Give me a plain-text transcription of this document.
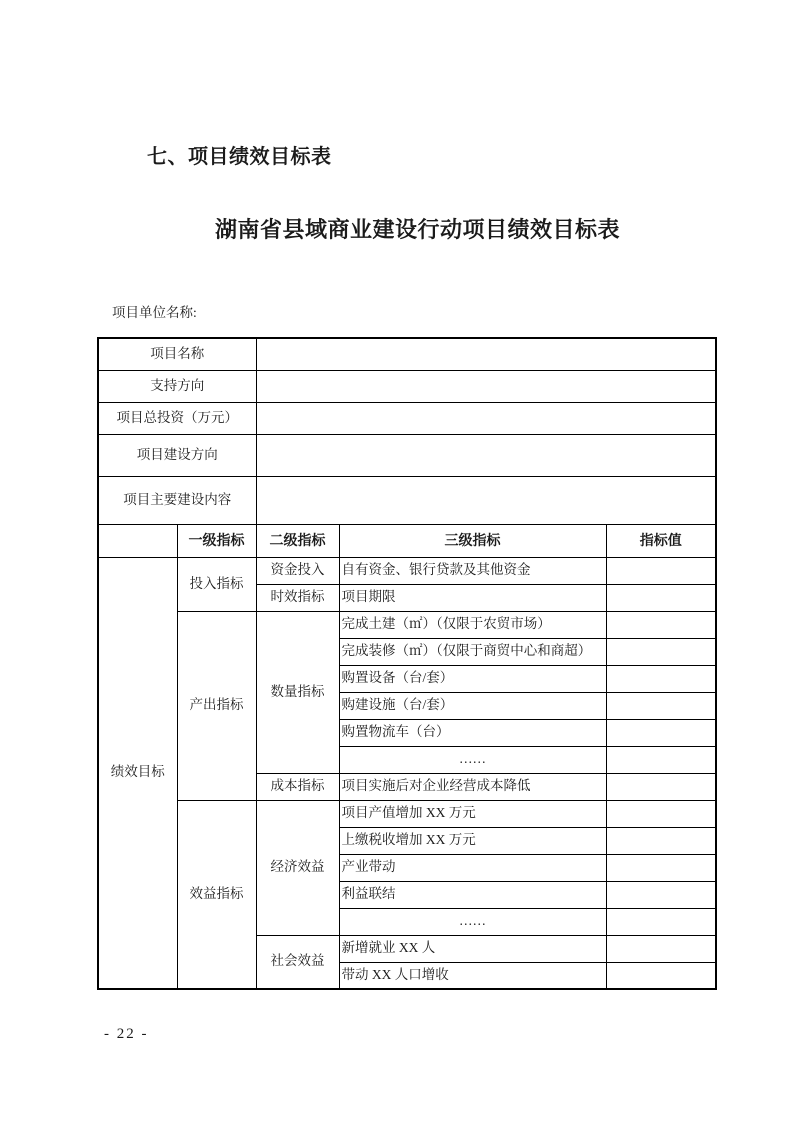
七、项目绩效目标表
湖南省县域商业建设行动项目绩效目标表
项目单位名称:
项目名称				
支持方向				
项目总投资（万元）				
项目建设方向				
项目主要建设内容				
	一级指标	二级指标	三级指标	指标值
绩效目标	投入指标	资金投入	自有资金、银行贷款及其他资金	
		时效指标	项目期限	
	产出指标	数量指标	完成土建（㎡）（仅限于农贸市场）	
			完成装修（㎡）（仅限于商贸中心和商超）	
			购置设备（台/套）	
			购建设施（台/套）	
			购置物流车（台）	
			……	
		成本指标	项目实施后对企业经营成本降低	
	效益指标	经济效益	项目产值增加 XX 万元	
			上缴税收增加 XX 万元	
			产业带动	
			利益联结	
			……	
		社会效益	新增就业 XX 人	
			带动 XX 人口增收	
- 22 -
